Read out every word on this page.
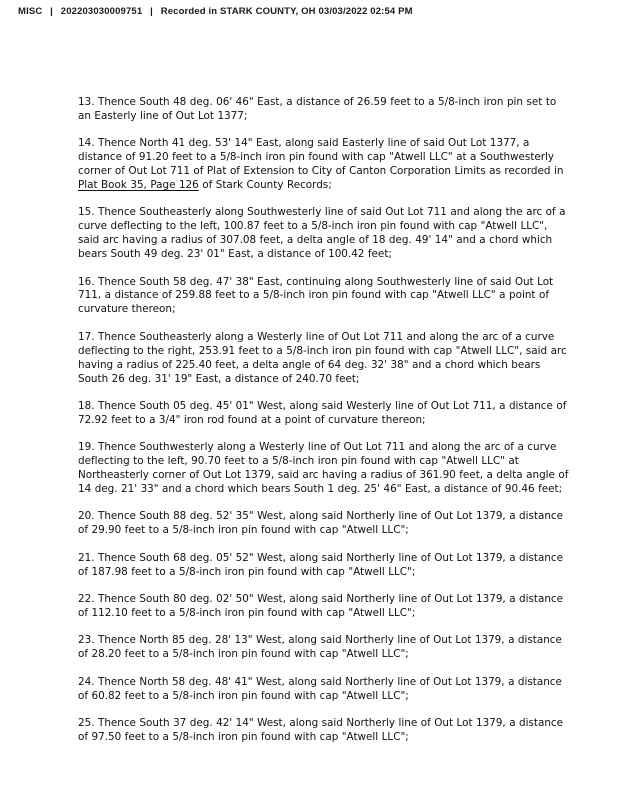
MISC | 202203030009751 | Recorded in STARK COUNTY, OH 03/03/2022 02:54 PM

13. Thence South 48 deg. 06' 46" East, a distance of 26.59 feet to a 5/8-inch iron pin set to an Easterly line of Out Lot 1377;

14. Thence North 41 deg. 53' 14" East, along said Easterly line of said Out Lot 1377, a distance of 91.20 feet to a 5/8-inch iron pin found with cap "Atwell LLC" at a Southwesterly corner of Out Lot 711 of Plat of Extension to City of Canton Corporation Limits as recorded in Plat Book 35, Page 126 of Stark County Records;

15. Thence Southeasterly along Southwesterly line of said Out Lot 711 and along the arc of a curve deflecting to the left, 100.87 feet to a 5/8-inch iron pin found with cap "Atwell LLC", said arc having a radius of 307.08 feet, a delta angle of 18 deg. 49' 14" and a chord which bears South 49 deg. 23' 01" East, a distance of 100.42 feet;

16. Thence South 58 deg. 47' 38" East, continuing along Southwesterly line of said Out Lot 711, a distance of 259.88 feet to a 5/8-inch iron pin found with cap "Atwell LLC" a point of curvature thereon;

17. Thence Southeasterly along a Westerly line of Out Lot 711 and along the arc of a curve deflecting to the right, 253.91 feet to a 5/8-inch iron pin found with cap "Atwell LLC", said arc having a radius of 225.40 feet, a delta angle of 64 deg. 32' 38" and a chord which bears South 26 deg. 31' 19" East, a distance of 240.70 feet;

18. Thence South 05 deg. 45' 01" West, along said Westerly line of Out Lot 711, a distance of 72.92 feet to a 3/4" iron rod found at a point of curvature thereon;

19. Thence Southwesterly along a Westerly line of Out Lot 711 and along the arc of a curve deflecting to the left, 90.70 feet to a 5/8-inch iron pin found with cap "Atwell LLC" at Northeasterly corner of Out Lot 1379, said arc having a radius of 361.90 feet, a delta angle of 14 deg. 21' 33" and a chord which bears South 1 deg. 25' 46" East, a distance of 90.46 feet;

20. Thence South 88 deg. 52' 35" West, along said Northerly line of Out Lot 1379, a distance of 29.90 feet to a 5/8-inch iron pin found with cap "Atwell LLC";

21. Thence South 68 deg. 05' 52" West, along said Northerly line of Out Lot 1379, a distance of 187.98 feet to a 5/8-inch iron pin found with cap "Atwell LLC";

22. Thence South 80 deg. 02' 50" West, along said Northerly line of Out Lot 1379, a distance of 112.10 feet to a 5/8-inch iron pin found with cap "Atwell LLC";

23. Thence North 85 deg. 28' 13" West, along said Northerly line of Out Lot 1379, a distance of 28.20 feet to a 5/8-inch iron pin found with cap "Atwell LLC";

24. Thence North 58 deg. 48' 41" West, along said Northerly line of Out Lot 1379, a distance of 60.82 feet to a 5/8-inch iron pin found with cap "Atwell LLC";

25. Thence South 37 deg. 42' 14" West, along said Northerly line of Out Lot 1379, a distance of 97.50 feet to a 5/8-inch iron pin found with cap "Atwell LLC";
